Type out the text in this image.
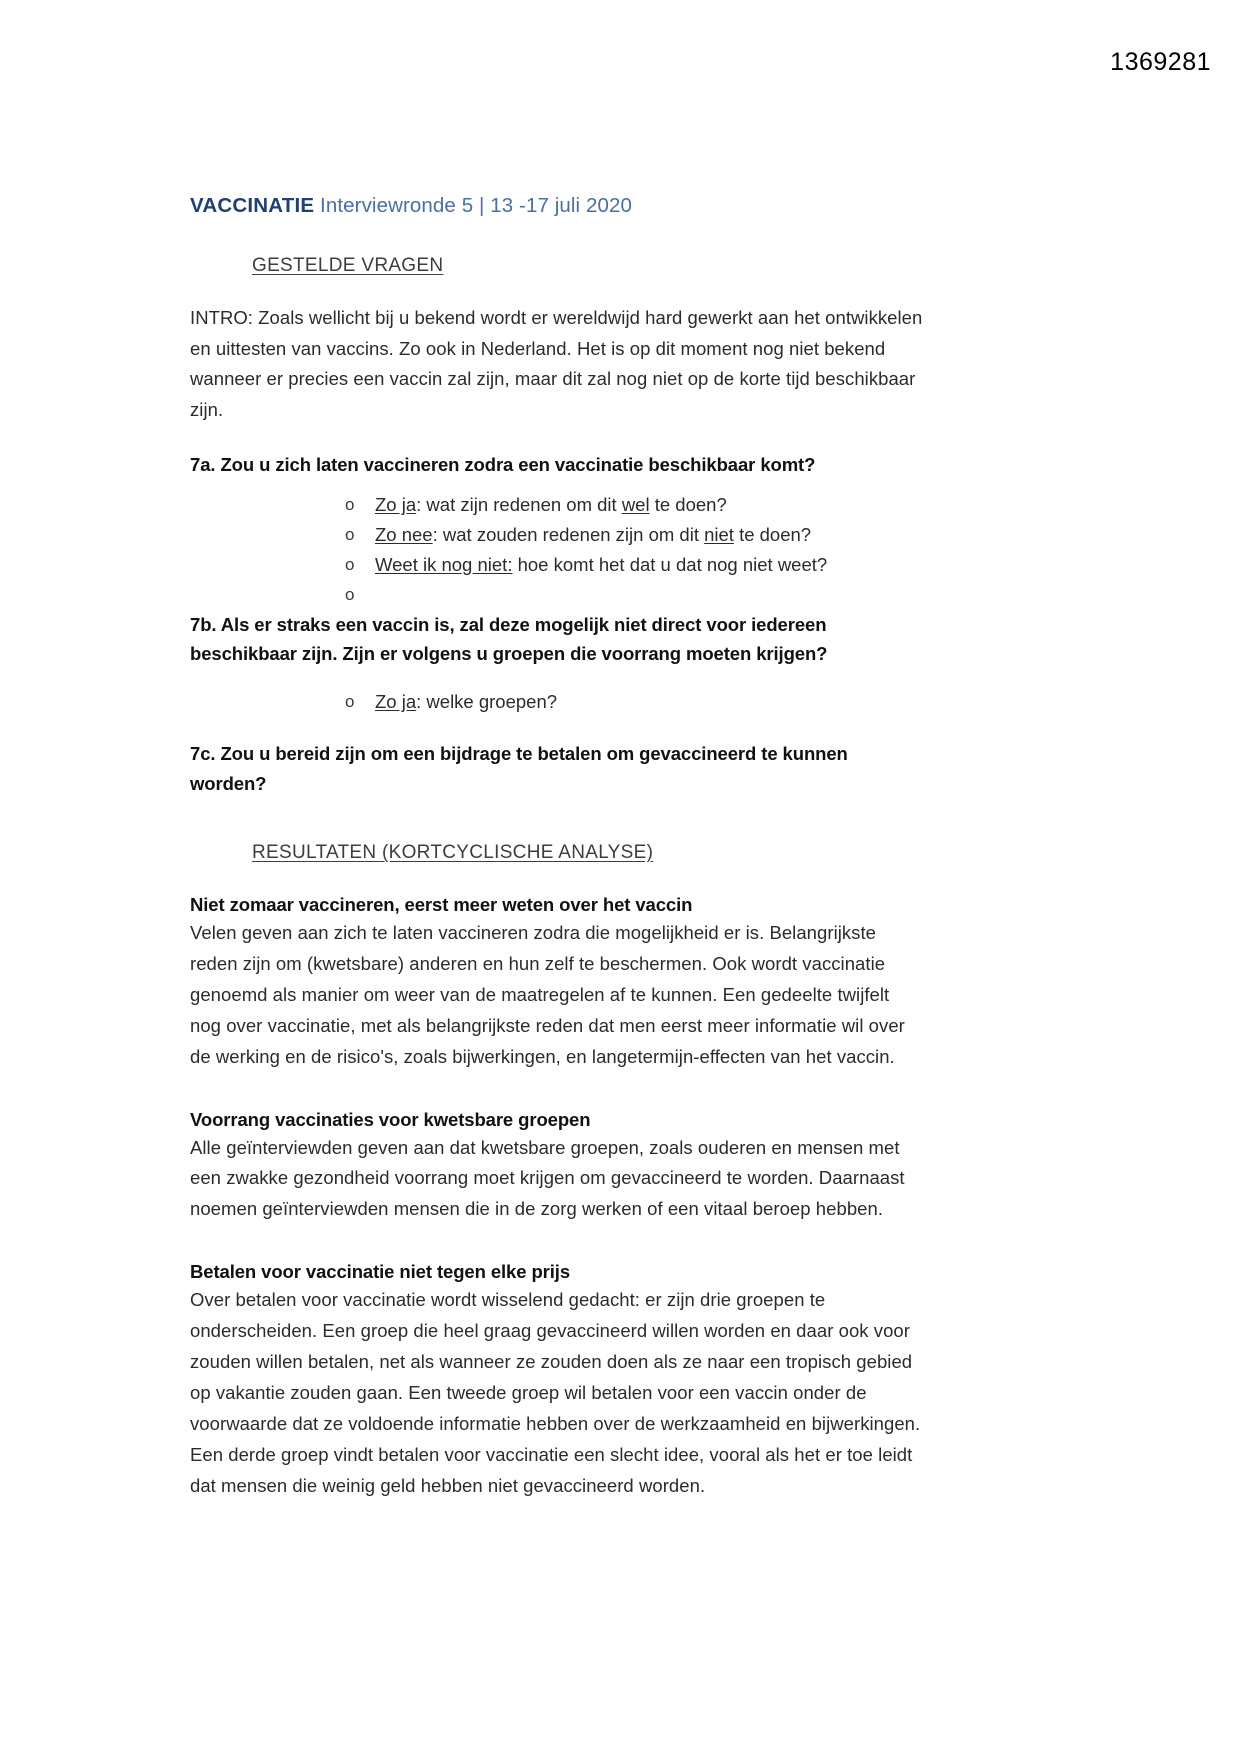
1369281
VACCINATIE Interviewronde 5 | 13 -17 juli 2020
GESTELDE VRAGEN

INTRO: Zoals wellicht bij u bekend wordt er wereldwijd hard gewerkt aan het ontwikkelen en uittesten van vaccins. Zo ook in Nederland. Het is op dit moment nog niet bekend wanneer er precies een vaccin zal zijn, maar dit zal nog niet op de korte tijd beschikbaar zijn.

7a. Zou u zich laten vaccineren zodra een vaccinatie beschikbaar komt?

o Zo ja: wat zijn redenen om dit wel te doen?
o Zo nee: wat zouden redenen zijn om dit niet te doen?
o Weet ik nog niet: hoe komt het dat u dat nog niet weet?
o

7b. Als er straks een vaccin is, zal deze mogelijk niet direct voor iedereen beschikbaar zijn. Zijn er volgens u groepen die voorrang moeten krijgen?

o Zo ja: welke groepen?

7c. Zou u bereid zijn om een bijdrage te betalen om gevaccineerd te kunnen worden?

RESULTATEN (KORTCYCLISCHE ANALYSE)
Niet zomaar vaccineren, eerst meer weten over het vaccin

Velen geven aan zich te laten vaccineren zodra die mogelijkheid er is. Belangrijkste reden zijn om (kwetsbare) anderen en hun zelf te beschermen. Ook wordt vaccinatie genoemd als manier om weer van de maatregelen af te kunnen. Een gedeelte twijfelt nog over vaccinatie, met als belangrijkste reden dat men eerst meer informatie wil over de werking en de risico's, zoals bijwerkingen, en langetermijn-effecten van het vaccin.

Voorrang vaccinaties voor kwetsbare groepen

Alle geïnterviewden geven aan dat kwetsbare groepen, zoals ouderen en mensen met een zwakke gezondheid voorrang moet krijgen om gevaccineerd te worden. Daarnaast noemen geïnterviewden mensen die in de zorg werken of een vitaal beroep hebben.

Betalen voor vaccinatie niet tegen elke prijs

Over betalen voor vaccinatie wordt wisselend gedacht: er zijn drie groepen te onderscheiden. Een groep die heel graag gevaccineerd willen worden en daar ook voor zouden willen betalen, net als wanneer ze zouden doen als ze naar een tropisch gebied op vakantie zouden gaan. Een tweede groep wil betalen voor een vaccin onder de voorwaarde dat ze voldoende informatie hebben over de werkzaamheid en bijwerkingen. Een derde groep vindt betalen voor vaccinatie een slecht idee, vooral als het er toe leidt dat mensen die weinig geld hebben niet gevaccineerd worden.
